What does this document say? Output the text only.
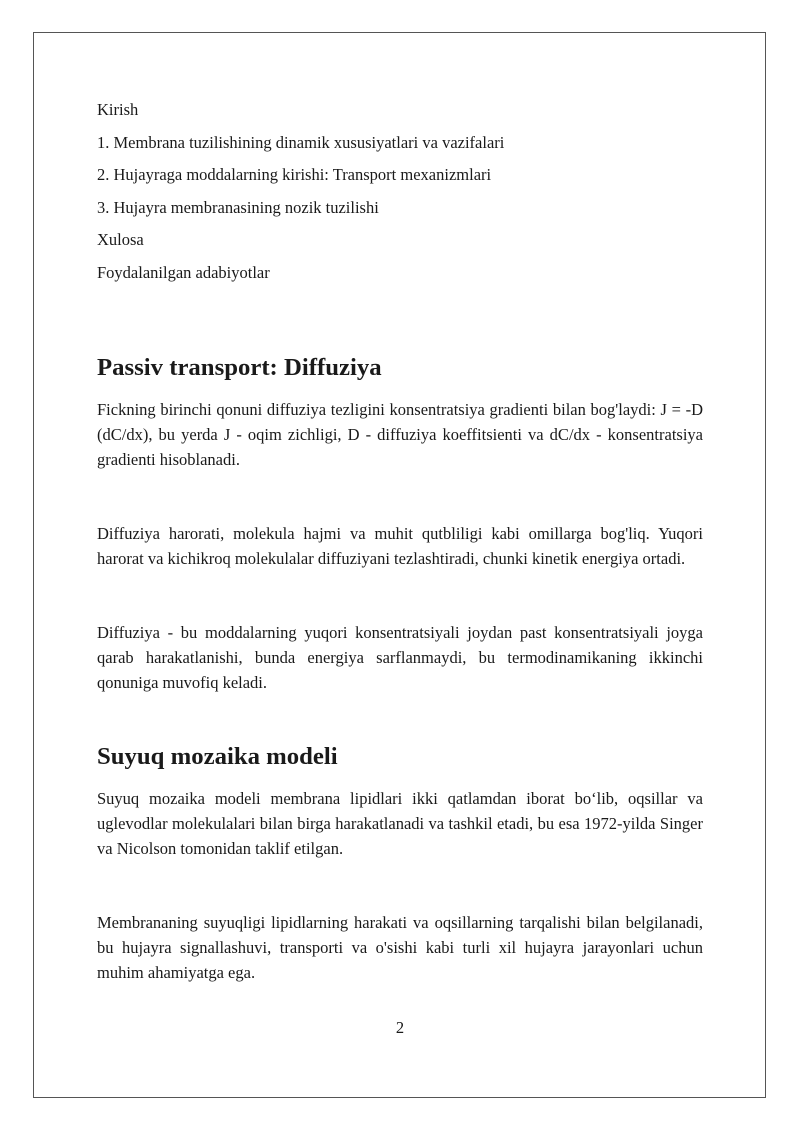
Kirish

1. Membrana tuzilishining dinamik xususiyatlari va vazifalari

2. Hujayraga moddalarning kirishi: Transport mexanizmlari

3. Hujayra membranasining nozik tuzilishi

Xulosa

Foydalanilgan adabiyotlar

Passiv transport: Diffuziya

Fickning birinchi qonuni diffuziya tezligini konsentratsiya gradienti bilan bog'laydi: J = -D (dC/dx), bu yerda J - oqim zichligi, D - diffuziya koeffitsienti va dC/dx - konsentratsiya gradienti hisoblanadi.

Diffuziya harorati, molekula hajmi va muhit qutbliligi kabi omillarga bog'liq. Yuqori harorat va kichikroq molekulalar diffuziyani tezlashtiradi, chunki kinetik energiya ortadi.

Diffuziya - bu moddalarning yuqori konsentratsiyali joydan past konsentratsiyali joyga qarab harakatlanishi, bunda energiya sarflanmaydi, bu termodinamikaning ikkinchi qonuniga muvofiq keladi.

Suyuq mozaika modeli

Suyuq mozaika modeli membrana lipidlari ikki qatlamdan iborat bo‘lib, oqsillar va uglevodlar molekulalari bilan birga harakatlanadi va tashkil etadi, bu esa 1972-yilda Singer va Nicolson tomonidan taklif etilgan.

Membrananing suyuqligi lipidlarning harakati va oqsillarning tarqalishi bilan belgilanadi, bu hujayra signallashuvi, transporti va o'sishi kabi turli xil hujayra jarayonlari uchun muhim ahamiyatga ega.

2
